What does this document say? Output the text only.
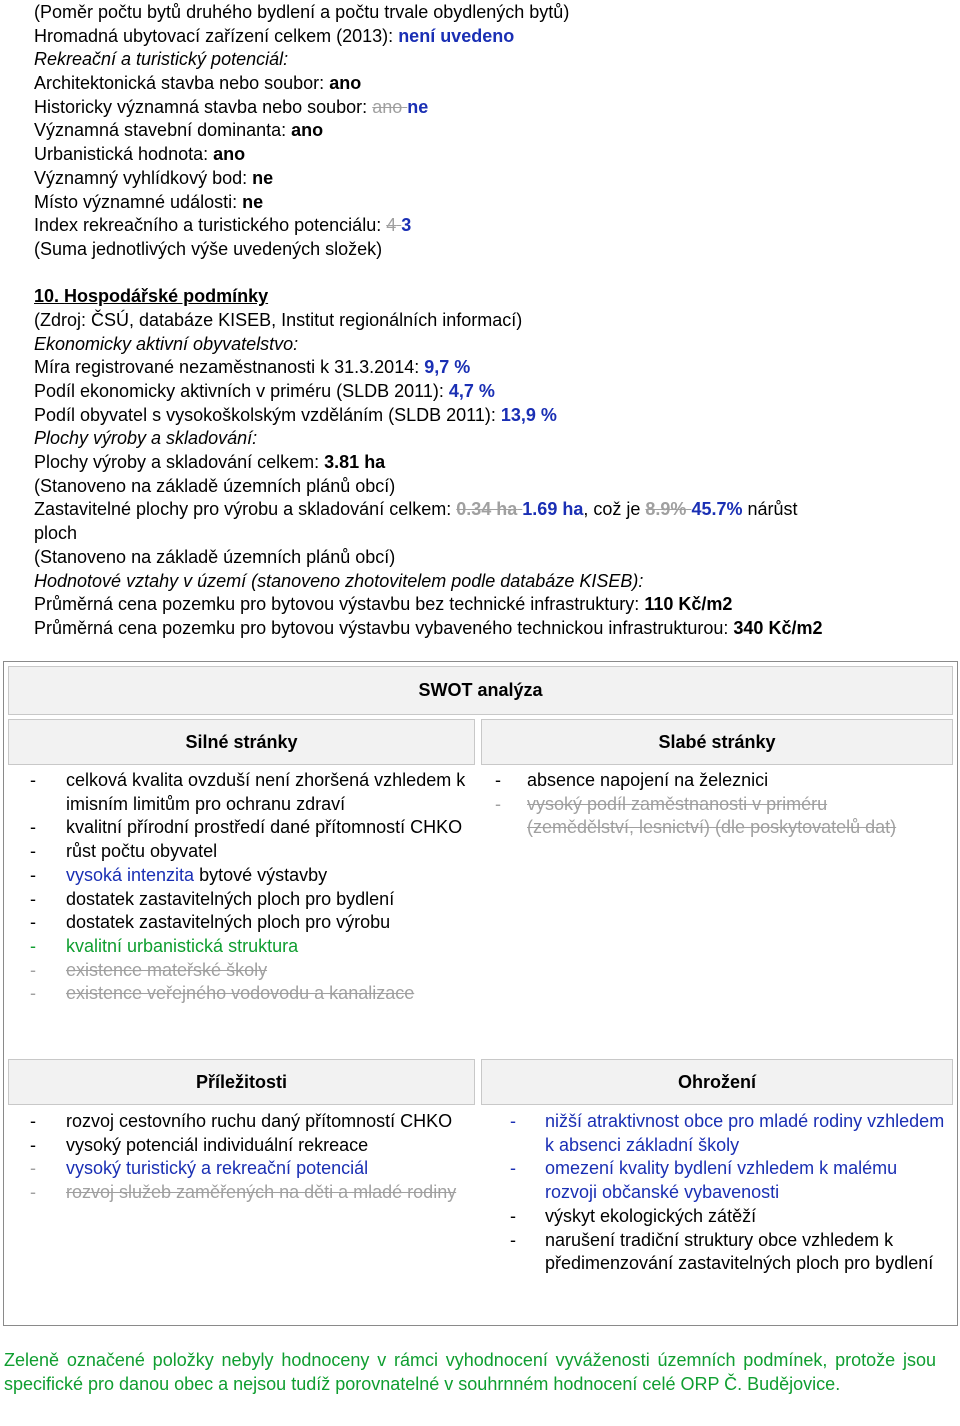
(Poměr počtu bytů druhého bydlení a počtu trvale obydlených bytů)
Hromadná ubytovací zařízení celkem (2013): není uvedeno
Rekreační a turistický potenciál:
Architektonická stavba nebo soubor: ano
Historicky významná stavba nebo soubor: ano ne
Významná stavební dominanta: ano
Urbanistická hodnota: ano
Významný vyhlídkový bod: ne
Místo významné události: ne
Index rekreačního a turistického potenciálu: 4 3
(Suma jednotlivých výše uvedených složek)
10. Hospodářské podmínky
(Zdroj: ČSÚ, databáze KISEB, Institut regionálních informací)
Ekonomicky aktivní obyvatelstvo:
Míra registrované nezaměstnanosti k 31.3.2014: 9,7 %
Podíl ekonomicky aktivních v priméru (SLDB 2011): 4,7 %
Podíl obyvatel s vysokoškolským vzděláním (SLDB 2011): 13,9 %
Plochy výroby a skladování:
Plochy výroby a skladování celkem: 3.81 ha
(Stanoveno na základě územních plánů obcí)
Zastavitelné plochy pro výrobu a skladování celkem: 0.34 ha 1.69 ha, což je 8.9% 45.7% nárůst
ploch
(Stanoveno na základě územních plánů obcí)
Hodnotové vztahy v území (stanoveno zhotovitelem podle databáze KISEB):
Průměrná cena pozemku pro bytovou výstavbu bez technické infrastruktury: 110 Kč/m2
Průměrná cena pozemku pro bytovou výstavbu vybaveného technickou infrastrukturou: 340 Kč/m2
SWOT analýza
Silné stránky	Slabé stránky
- celková kvalita ovzduší není zhoršená vzhledem k imisním limitům pro ochranu zdraví
- kvalitní přírodní prostředí dané přítomností CHKO
- růst počtu obyvatel
- vysoká intenzita bytové výstavby
- dostatek zastavitelných ploch pro bydlení
- dostatek zastavitelných ploch pro výrobu
- kvalitní urbanistická struktura
- existence mateřské školy
- existence veřejného vodovodu a kanalizace
- absence napojení na železnici
- vysoký podíl zaměstnanosti v priméru (zemědělství, lesnictví) (dle poskytovatelů dat)
Příležitosti	Ohrožení
- rozvoj cestovního ruchu daný přítomností CHKO
- vysoký potenciál individuální rekreace
- vysoký turistický a rekreační potenciál
- rozvoj služeb zaměřených na děti a mladé rodiny
- nižší atraktivnost obce pro mladé rodiny vzhledem k absenci základní školy
- omezení kvality bydlení vzhledem k malému rozvoji občanské vybavenosti
- výskyt ekologických zátěží
- narušení tradiční struktury obce vzhledem k předimenzování zastavitelných ploch pro bydlení
Zeleně označené položky nebyly hodnoceny v rámci vyhodnocení vyváženosti územních podmínek, protože jsou specifické pro danou obec a nejsou tudíž porovnatelné v souhrnném hodnocení celé ORP Č. Budějovice.
